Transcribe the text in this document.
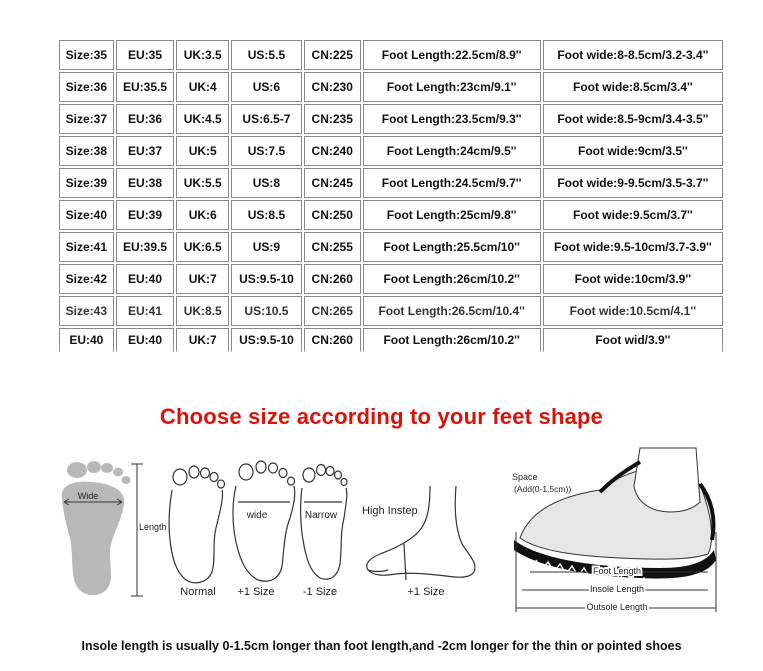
Size:35	EU:35	UK:3.5	US:5.5	CN:225	Foot Length:22.5cm/8.9''	Foot wide:8-8.5cm/3.2-3.4''
Size:36	EU:35.5	UK:4	US:6	CN:230	Foot Length:23cm/9.1''	Foot wide:8.5cm/3.4''
Size:37	EU:36	UK:4.5	US:6.5-7	CN:235	Foot Length:23.5cm/9.3''	Foot wide:8.5-9cm/3.4-3.5''
Size:38	EU:37	UK:5	US:7.5	CN:240	Foot Length:24cm/9.5''	Foot wide:9cm/3.5''
Size:39	EU:38	UK:5.5	US:8	CN:245	Foot Length:24.5cm/9.7''	Foot wide:9-9.5cm/3.5-3.7''
Size:40	EU:39	UK:6	US:8.5	CN:250	Foot Length:25cm/9.8''	Foot wide:9.5cm/3.7''
Size:41	EU:39.5	UK:6.5	US:9	CN:255	Foot Length:25.5cm/10''	Foot wide:9.5-10cm/3.7-3.9''
Size:42	EU:40	UK:7	US:9.5-10	CN:260	Foot Length:26cm/10.2''	Foot wide:10cm/3.9''
Size:43	EU:41	UK:8.5	US:10.5	CN:265	Foot Length:26.5cm/10.4''	Foot wide:10.5cm/4.1''
EU:40	EU:40	UK:7	US:9.5-10	CN:260	Foot Length:26cm/10.2''	Foot wid/3.9''
Choose size according to your feet shape
Wide
Length
Normal
wide
+1 Size
Narrow
-1 Size
High Instep
+1 Size
Space
(Add(0-1.5cm))
Foot Length
Insole Length
Outsole Length
Insole length is usually 0-1.5cm longer than foot length,and -2cm longer for the thin or pointed shoes
